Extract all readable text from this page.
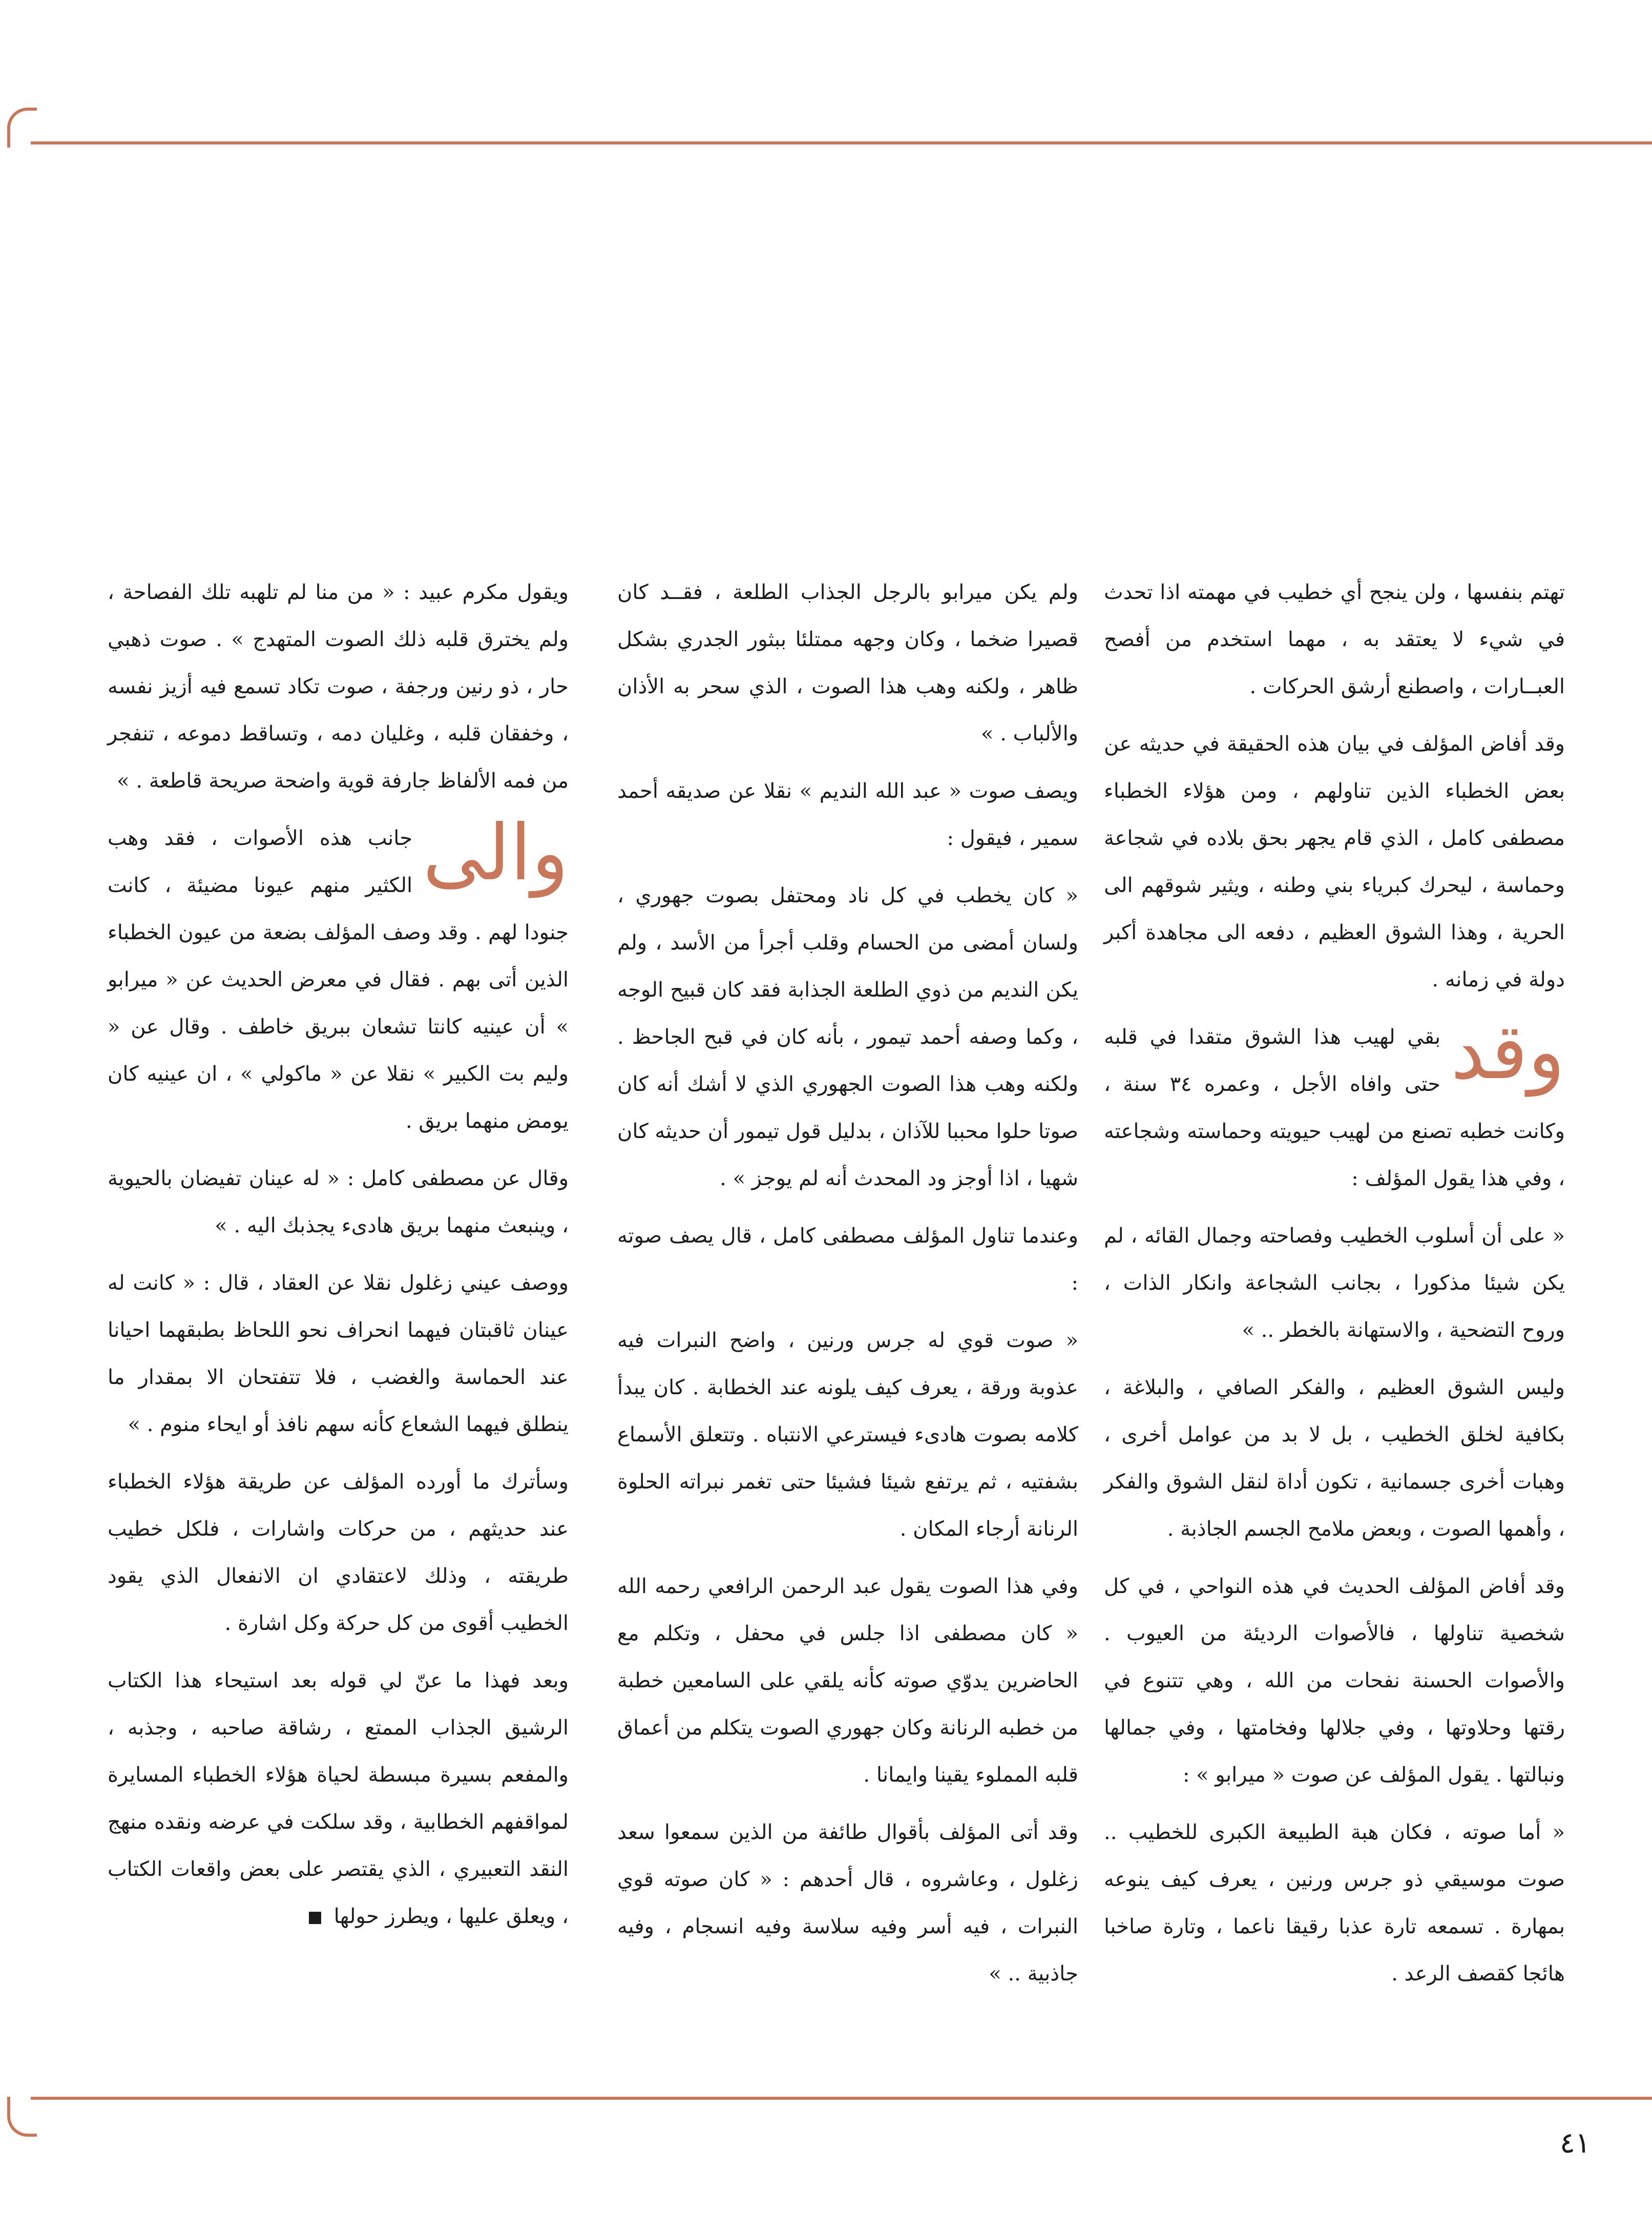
تهتم بنفسها ، ولن ينجح أي خطيب في مهمته اذا تحدث في شيء لا يعتقد به ، مهما استخدم من أفصح العبــارات ، واصطنع أرشق الحركات .

وقد أفاض المؤلف في بيان هذه الحقيقة في حديثه عن بعض الخطباء الذين تناولهم ، ومن هؤلاء الخطباء مصطفى كامل ، الذي قام يجهر بحق بلاده في شجاعة وحماسة ، ليحرك كبرياء بني وطنه ، ويثير شوقهم الى الحرية ، وهذا الشوق العظيم ، دفعه الى مجاهدة أكبر دولة في زمانه .

وقد
بقي لهيب هذا الشوق متقدا في قلبه حتى وافاه الأجل ، وعمره ٣٤ سنة ، وكانت خطبه تصنع من لهيب حيويته وحماسته وشجاعته ، وفي هذا يقول المؤلف :

« على أن أسلوب الخطيب وفصاحته وجمال القائه ، لم يكن شيئا مذكورا ، بجانب الشجاعة وانكار الذات ، وروح التضحية ، والاستهانة بالخطر .. »

وليس الشوق العظيم ، والفكر الصافي ، والبلاغة ، بكافية لخلق الخطيب ، بل لا بد من عوامل أخرى ، وهبات أخرى جسمانية ، تكون أداة لنقل الشوق والفكر ، وأهمها الصوت ، وبعض ملامح الجسم الجاذبة .

وقد أفاض المؤلف الحديث في هذه النواحي ، في كل شخصية تناولها ، فالأصوات الرديئة من العيوب . والأصوات الحسنة نفحات من الله ، وهي تتنوع في رقتها وحلاوتها ، وفي جلالها وفخامتها ، وفي جمالها ونبالتها . يقول المؤلف عن صوت « ميرابو » :

« أما صوته ، فكان هبة الطبيعة الكبرى للخطيب .. صوت موسيقي ذو جرس ورنين ، يعرف كيف ينوعه بمهارة . تسمعه تارة عذبا رقيقا ناعما ، وتارة صاخبا هائجا كقصف الرعد .

ولم يكن ميرابو بالرجل الجذاب الطلعة ، فقــد كان قصيرا ضخما ، وكان وجهه ممتلئا ببثور الجدري بشكل ظاهر ، ولكنه وهب هذا الصوت ، الذي سحر به الأذان والألباب . »

ويصف صوت « عبد الله النديم » نقلا عن صديقه أحمد سمير ، فيقول :

« كان يخطب في كل ناد ومحتفل بصوت جهوري ، ولسان أمضى من الحسام وقلب أجرأ من الأسد ، ولم يكن النديم من ذوي الطلعة الجذابة فقد كان قبيح الوجه ، وكما وصفه أحمد تيمور ، بأنه كان في قبح الجاحظ . ولكنه وهب هذا الصوت الجهوري الذي لا أشك أنه كان صوتا حلوا محببا للآذان ، بدليل قول تيمور أن حديثه كان شهيا ، اذا أوجز ود المحدث أنه لم يوجز » .

وعندما تناول المؤلف مصطفى كامل ، قال يصف صوته :

« صوت قوي له جرس ورنين ، واضح النبرات فيه عذوبة ورقة ، يعرف كيف يلونه عند الخطابة . كان يبدأ كلامه بصوت هادىء فيسترعي الانتباه . وتتعلق الأسماع بشفتيه ، ثم يرتفع شيئا فشيئا حتى تغمر نبراته الحلوة الرنانة أرجاء المكان .

وفي هذا الصوت يقول عبد الرحمن الرافعي رحمه الله « كان مصطفى اذا جلس في محفل ، وتكلم مع الحاضرين يدوّي صوته كأنه يلقي على السامعين خطبة من خطبه الرنانة وكان جهوري الصوت يتكلم من أعماق قلبه المملوء يقينا وايمانا .

وقد أتى المؤلف بأقوال طائفة من الذين سمعوا سعد زغلول ، وعاشروه ، قال أحدهم : « كان صوته قوي النبرات ، فيه أسر وفيه سلاسة وفيه انسجام ، وفيه جاذبية .. »

ويقول مكرم عبيد : « من منا لم تلهبه تلك الفصاحة ، ولم يخترق قلبه ذلك الصوت المتهدج » . صوت ذهبي حار ، ذو رنين ورجفة ، صوت تكاد تسمع فيه أزيز نفسه ، وخفقان قلبه ، وغليان دمه ، وتساقط دموعه ، تنفجر من فمه الألفاظ جارفة قوية واضحة صريحة قاطعة . »

والى
جانب هذه الأصوات ، فقد وهب الكثير منهم عيونا مضيئة ، كانت جنودا لهم . وقد وصف المؤلف بضعة من عيون الخطباء الذين أتى بهم . فقال في معرض الحديث عن « ميرابو » أن عينيه كانتا تشعان ببريق خاطف . وقال عن « وليم بت الكبير » نقلا عن « ماكولي » ، ان عينيه كان يومض منهما بريق .

وقال عن مصطفى كامل : « له عينان تفيضان بالحيوية ، وينبعث منهما بريق هادىء يجذبك اليه . »

ووصف عيني زغلول نقلا عن العقاد ، قال : « كانت له عينان ثاقبتان فيهما انحراف نحو اللحاظ بطبقهما احيانا عند الحماسة والغضب ، فلا تتفتحان الا بمقدار ما ينطلق فيهما الشعاع كأنه سهم نافذ أو ايحاء منوم . »

وسأترك ما أورده المؤلف عن طريقة هؤلاء الخطباء عند حديثهم ، من حركات واشارات ، فلكل خطيب طريقته ، وذلك لاعتقادي ان الانفعال الذي يقود الخطيب أقوى من كل حركة وكل اشارة .

وبعد فهذا ما عنّ لي قوله بعد استيحاء هذا الكتاب الرشيق الجذاب الممتع ، رشاقة صاحبه ، وجذبه ، والمفعم بسيرة مبسطة لحياة هؤلاء الخطباء المسايرة لمواقفهم الخطابية ، وقد سلكت في عرضه ونقده منهج النقد التعبيري ، الذي يقتصر على بعض واقعات الكتاب ، ويعلق عليها ، ويطرز حولها

٤١
